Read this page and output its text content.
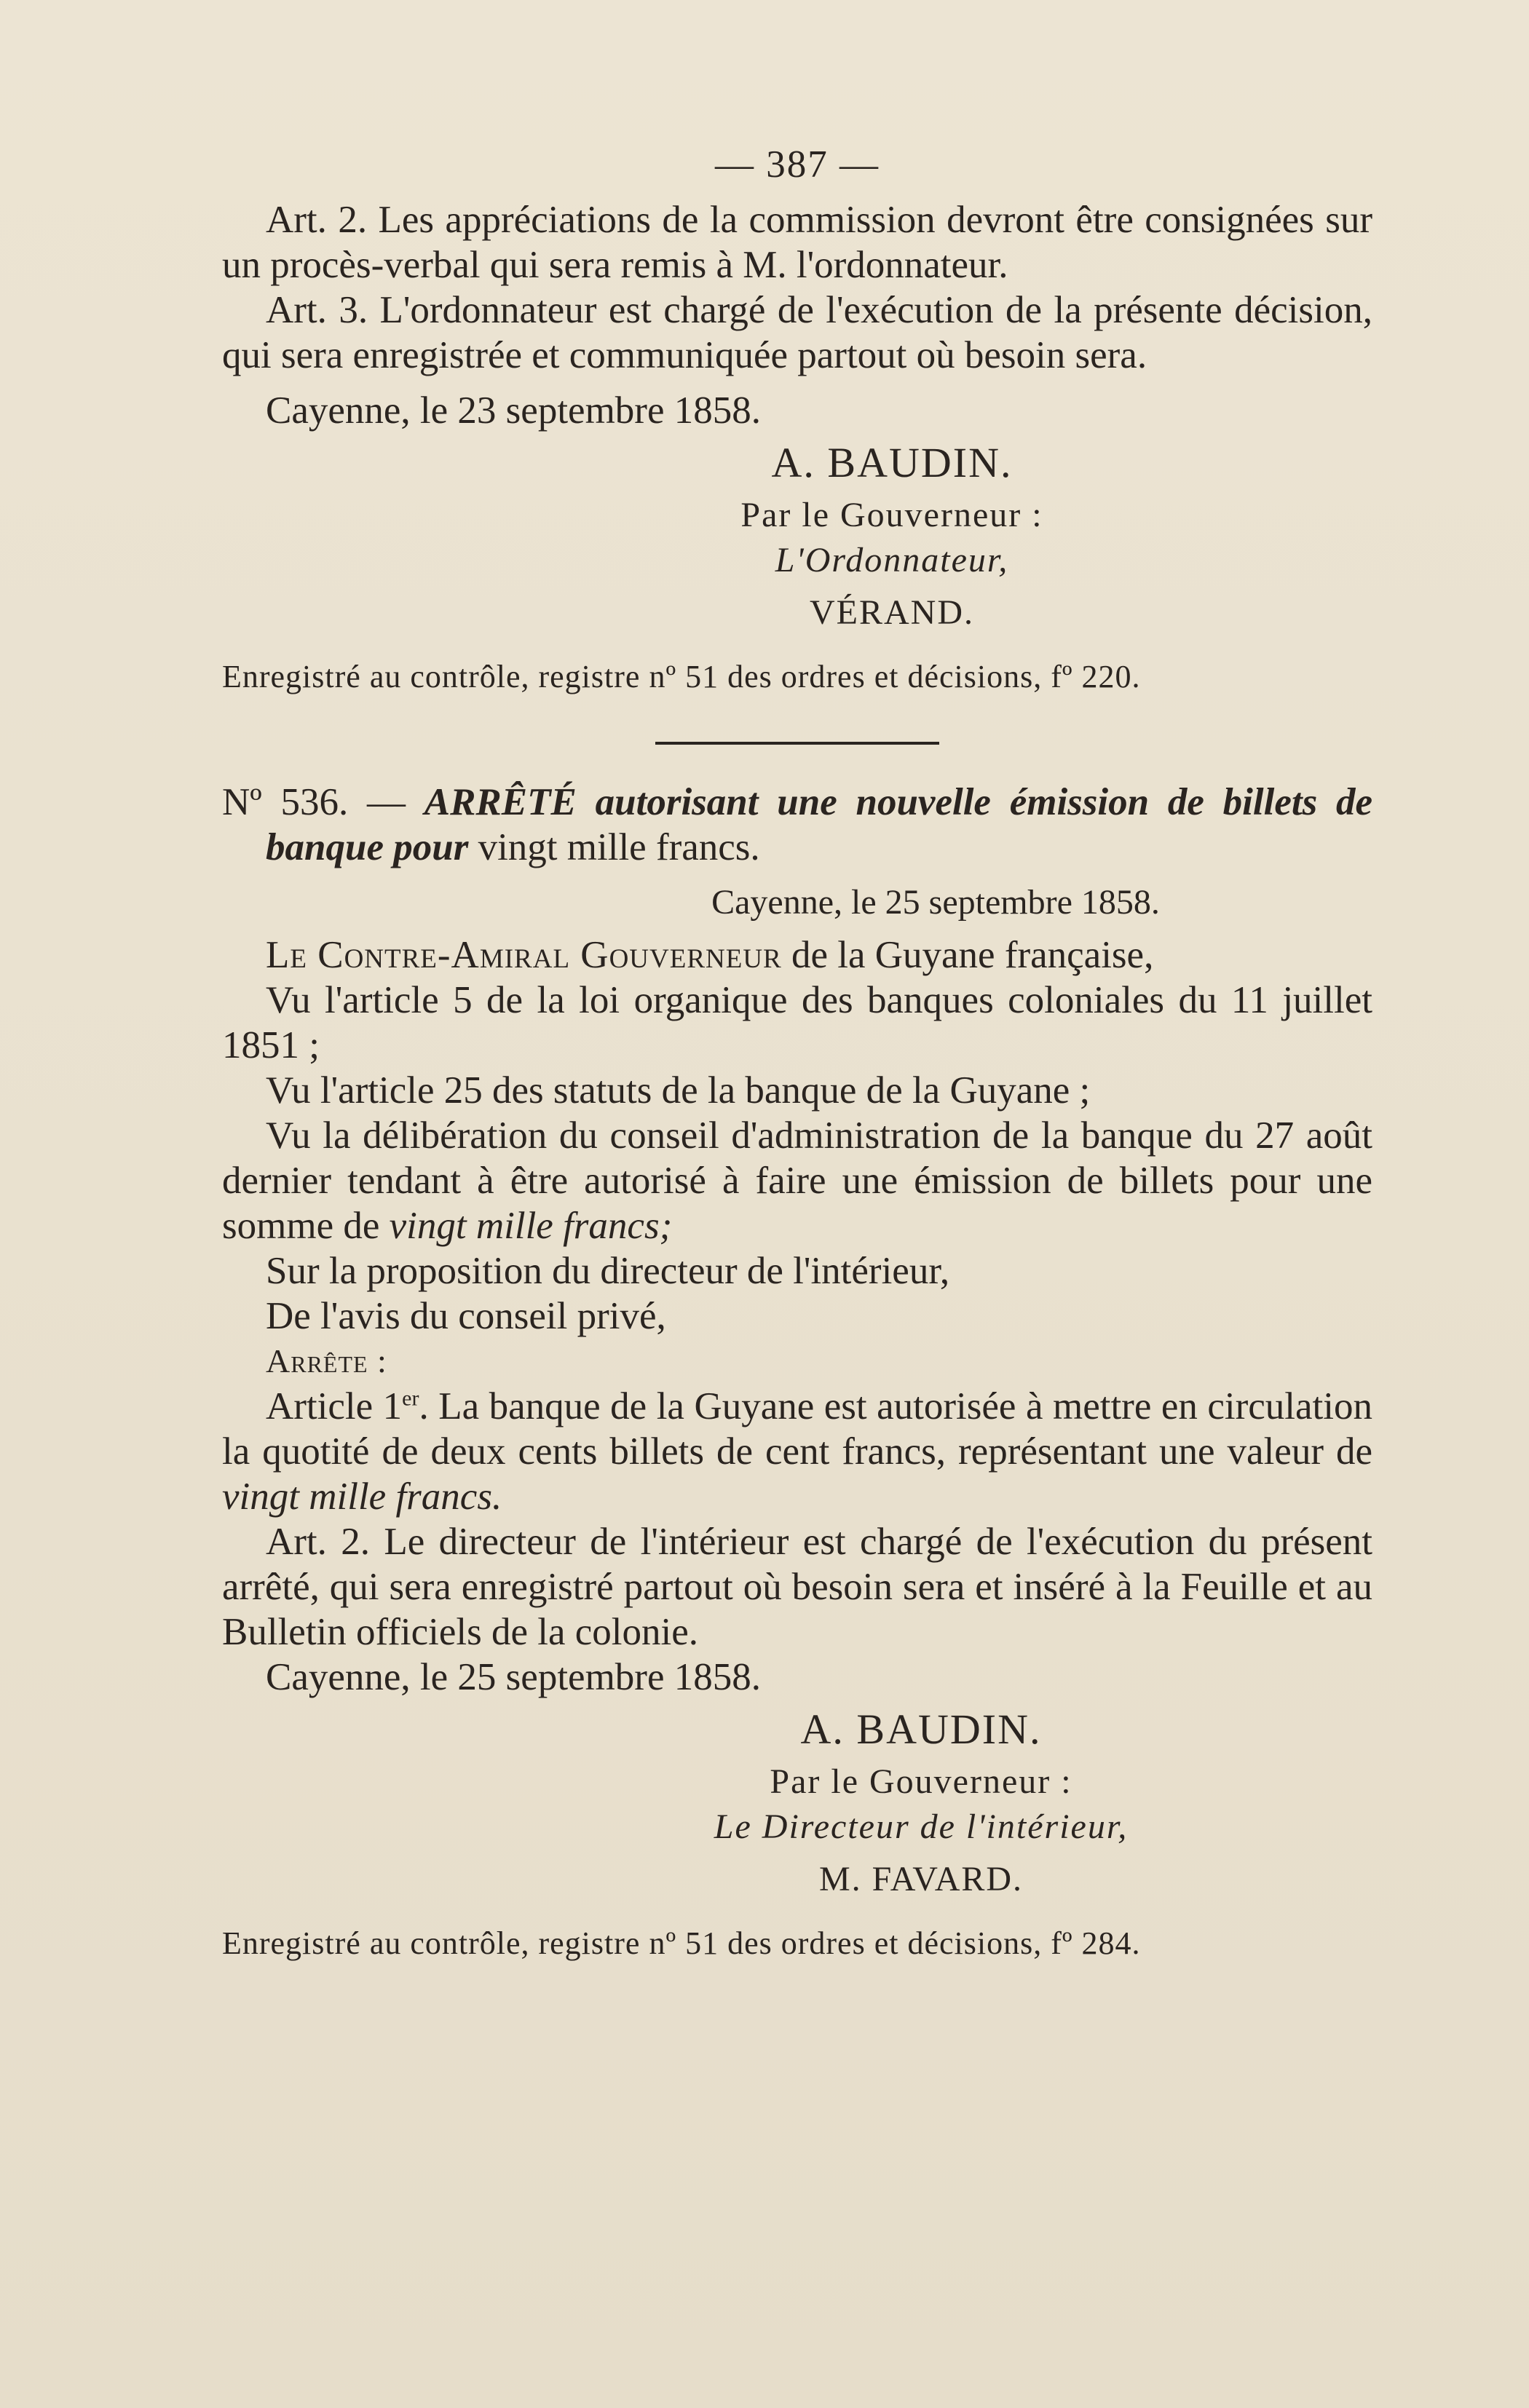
— 387 —

Art. 2. Les appréciations de la commission devront être consignées sur un procès-verbal qui sera remis à M. l'ordonnateur.

Art. 3. L'ordonnateur est chargé de l'exécution de la présente décision, qui sera enregistrée et communiquée partout où besoin sera.

Cayenne, le 23 septembre 1858.

A. BAUDIN.
Par le Gouverneur :
L'Ordonnateur,
VÉRAND.

Enregistré au contrôle, registre nº 51 des ordres et décisions, fº 220.

Nº 536. — ARRÊTÉ autorisant une nouvelle émission de billets de banque pour vingt mille francs.

Cayenne, le 25 septembre 1858.

Le Contre-Amiral Gouverneur de la Guyane française,

Vu l'article 5 de la loi organique des banques coloniales du 11 juillet 1851 ;

Vu l'article 25 des statuts de la banque de la Guyane ;

Vu la délibération du conseil d'administration de la banque du 27 août dernier tendant à être autorisé à faire une émission de billets pour une somme de vingt mille francs;

Sur la proposition du directeur de l'intérieur,

De l'avis du conseil privé,

Arrête :

Article 1er. La banque de la Guyane est autorisée à mettre en circulation la quotité de deux cents billets de cent francs, représentant une valeur de vingt mille francs.

Art. 2. Le directeur de l'intérieur est chargé de l'exécution du présent arrêté, qui sera enregistré partout où besoin sera et inséré à la Feuille et au Bulletin officiels de la colonie.

Cayenne, le 25 septembre 1858.

A. BAUDIN.
Par le Gouverneur :
Le Directeur de l'intérieur,
M. FAVARD.

Enregistré au contrôle, registre nº 51 des ordres et décisions, fº 284.
